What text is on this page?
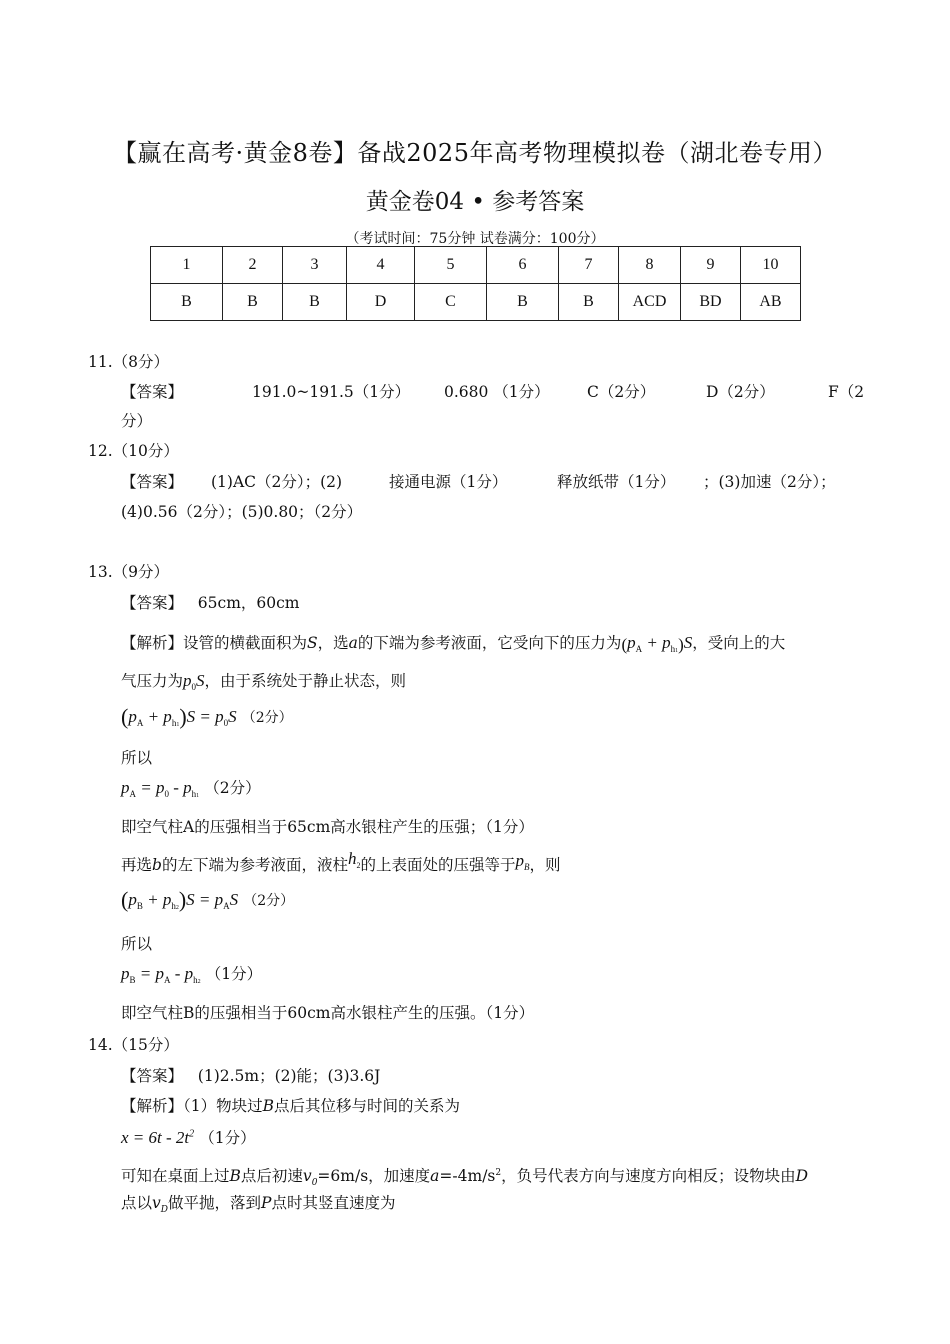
【赢在高考·黄金8卷】备战2025年高考物理模拟卷（湖北卷专用）
黄金卷04 • 参考答案
（考试时间：75分钟 试卷满分：100分）
1	2	3	4	5	6	7	8	9	10
B	B	B	D	C	B	B	ACD	BD	AB
11.（8分）
【答案】	191.0~191.5（1分） 0.680 （1分） C（2分）	D（2分）	F（2
分）
12.（10分）
【答案】 (1)AC（2分）；(2)	接通电源（1分）	释放纸带（1分） ；(3)加速（2分）；
(4)0.56（2分）；(5)0.80；（2分）
13.（9分）
【答案】 65cm，60cm
【解析】设管的横截面积为S，选a的下端为参考液面，它受向下的压力为$(p_A + p_{h1})S$，受向上的大
气压力为$p_0S$，由于系统处于静止状态，则
$(p_A + p_{h1})S = p_0S$ （2分）
所以
$p_A = p_0 - p_{h1}$ （2分）
即空气柱A的压强相当于65cm高水银柱产生的压强；（1分）
再选b的左下端为参考液面，液柱$h_2$的上表面处的压强等于$p_B$，则
$(p_B + p_{h2})S = p_AS$ （2分）
所以
$p_B = p_A - p_{h2}$ （1分）
即空气柱B的压强相当于60cm高水银柱产生的压强。（1分）
14.（15分）
【答案】 (1)2.5m；(2)能；(3)3.6J
【解析】（1）物块过B点后其位移与时间的关系为
$x = 6t - 2t^2$ （1分）
可知在桌面上过B点后初速$v_0=6m/s$，加速度$a=-4m/s^2$，负号代表方向与速度方向相反；设物块由D
点以$v_D$做平抛，落到P点时其竖直速度为
